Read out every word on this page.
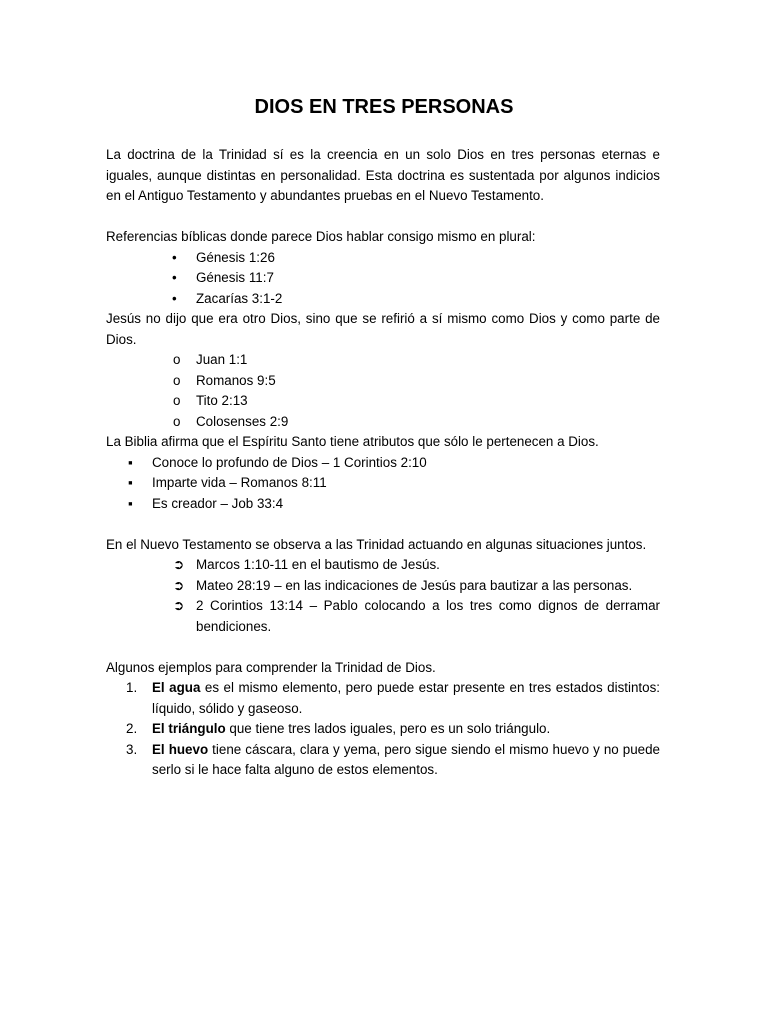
DIOS EN TRES PERSONAS

La doctrina de la Trinidad sí es la creencia en un solo Dios en tres personas eternas e iguales, aunque distintas en personalidad. Esta doctrina es sustentada por algunos indicios en el Antiguo Testamento y abundantes pruebas en el Nuevo Testamento.

Referencias bíblicas donde parece Dios hablar consigo mismo en plural:

• Génesis 1:26
• Génesis 11:7
• Zacarías 3:1-2

Jesús no dijo que era otro Dios, sino que se refirió a sí mismo como Dios y como parte de Dios.

o Juan 1:1
o Romanos 9:5
o Tito 2:13
o Colosenses 2:9

La Biblia afirma que el Espíritu Santo tiene atributos que sólo le pertenecen a Dios.

▪ Conoce lo profundo de Dios – 1 Corintios 2:10
▪ Imparte vida – Romanos 8:11
▪ Es creador – Job 33:4

En el Nuevo Testamento se observa a las Trinidad actuando en algunas situaciones juntos.

➲ Marcos 1:10-11 en el bautismo de Jesús.
➲ Mateo 28:19 – en las indicaciones de Jesús para bautizar a las personas.
➲ 2 Corintios 13:14 – Pablo colocando a los tres como dignos de derramar bendiciones.

Algunos ejemplos para comprender la Trinidad de Dios.

1. El agua es el mismo elemento, pero puede estar presente en tres estados distintos: líquido, sólido y gaseoso.
2. El triángulo que tiene tres lados iguales, pero es un solo triángulo.
3. El huevo tiene cáscara, clara y yema, pero sigue siendo el mismo huevo y no puede serlo si le hace falta alguno de estos elementos.
